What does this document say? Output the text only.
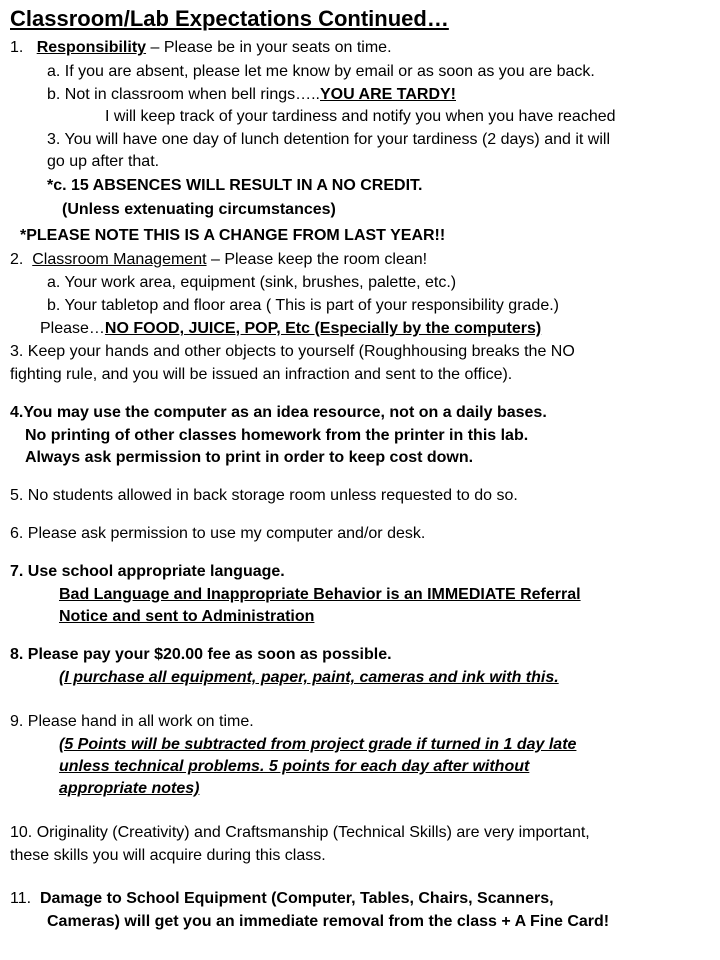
Classroom/Lab Expectations Continued…
1. Responsibility – Please be in your seats on time.
a. If you are absent, please let me know by email or as soon as you are back.
b. Not in classroom when bell rings…..YOU ARE TARDY!
I will keep track of your tardiness and notify you when you have reached
3. You will have one day of lunch detention for your tardiness (2 days) and it will
go up after that.
*c. 15 ABSENCES WILL RESULT IN A NO CREDIT.
(Unless extenuating circumstances)
*PLEASE NOTE THIS IS A CHANGE FROM LAST YEAR!!
2. Classroom Management – Please keep the room clean!
a. Your work area, equipment (sink, brushes, palette, etc.)
b. Your tabletop and floor area ( This is part of your responsibility grade.)
Please…NO FOOD, JUICE, POP, Etc (Especially by the computers)
3. Keep your hands and other objects to yourself (Roughhousing breaks the NO
fighting rule, and you will be issued an infraction and sent to the office).
4.You may use the computer as an idea resource, not on a daily bases.
No printing of other classes homework from the printer in this lab.
Always ask permission to print in order to keep cost down.
5. No students allowed in back storage room unless requested to do so.
6. Please ask permission to use my computer and/or desk.
7. Use school appropriate language.
Bad Language and Inappropriate Behavior is an IMMEDIATE Referral
Notice and sent to Administration
8. Please pay your $20.00 fee as soon as possible.
(I purchase all equipment, paper, paint, cameras and ink with this.
9. Please hand in all work on time.
(5 Points will be subtracted from project grade if turned in 1 day late
unless technical problems. 5 points for each day after without
appropriate notes)
10. Originality (Creativity) and Craftsmanship (Technical Skills) are very important,
these skills you will acquire during this class.
11. Damage to School Equipment (Computer, Tables, Chairs, Scanners,
Cameras) will get you an immediate removal from the class + A Fine Card!
